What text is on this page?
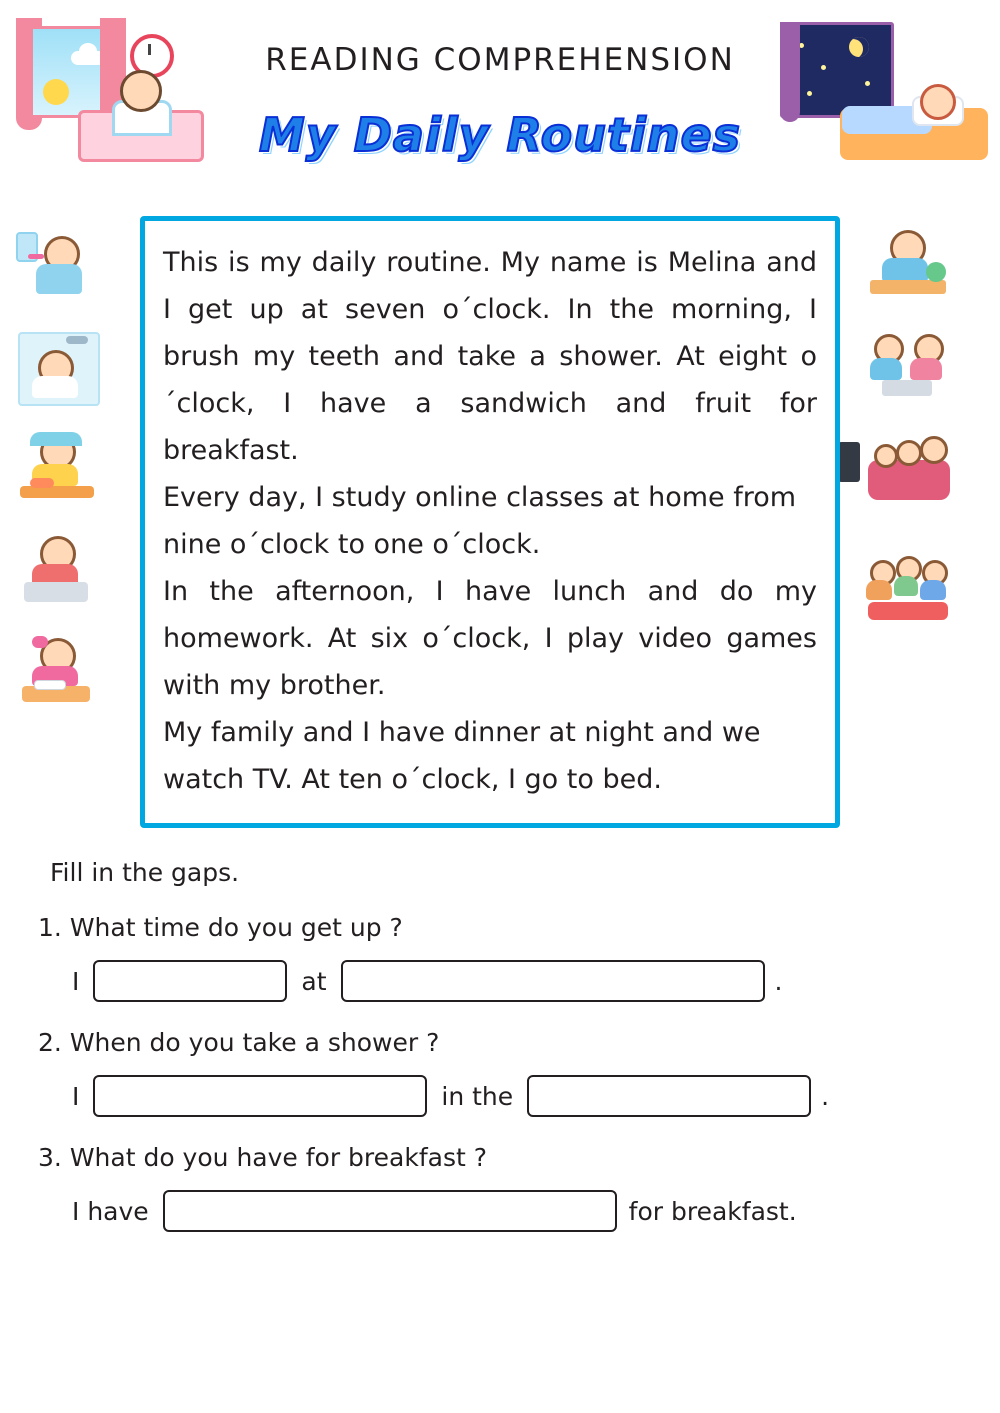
READING COMPREHENSION
My Daily Routines

This is my daily routine. My name is Melina and I get up at seven o´clock. In the morning, I brush my teeth and take a shower. At eight o´clock, I have a sandwich and fruit for breakfast.

Every day, I study online classes at home from nine o´clock to one o´clock.

In the afternoon, I have lunch and do my homework. At six o´clock, I play video games with my brother.

My family and I have dinner at night and we watch TV. At ten o´clock, I go to bed.

Fill in the gaps.
1. What time do you get up ?
I	at	.
2. When do you take a shower ?
I	in the	.
3. What do you have for breakfast ?
I have	for breakfast.
